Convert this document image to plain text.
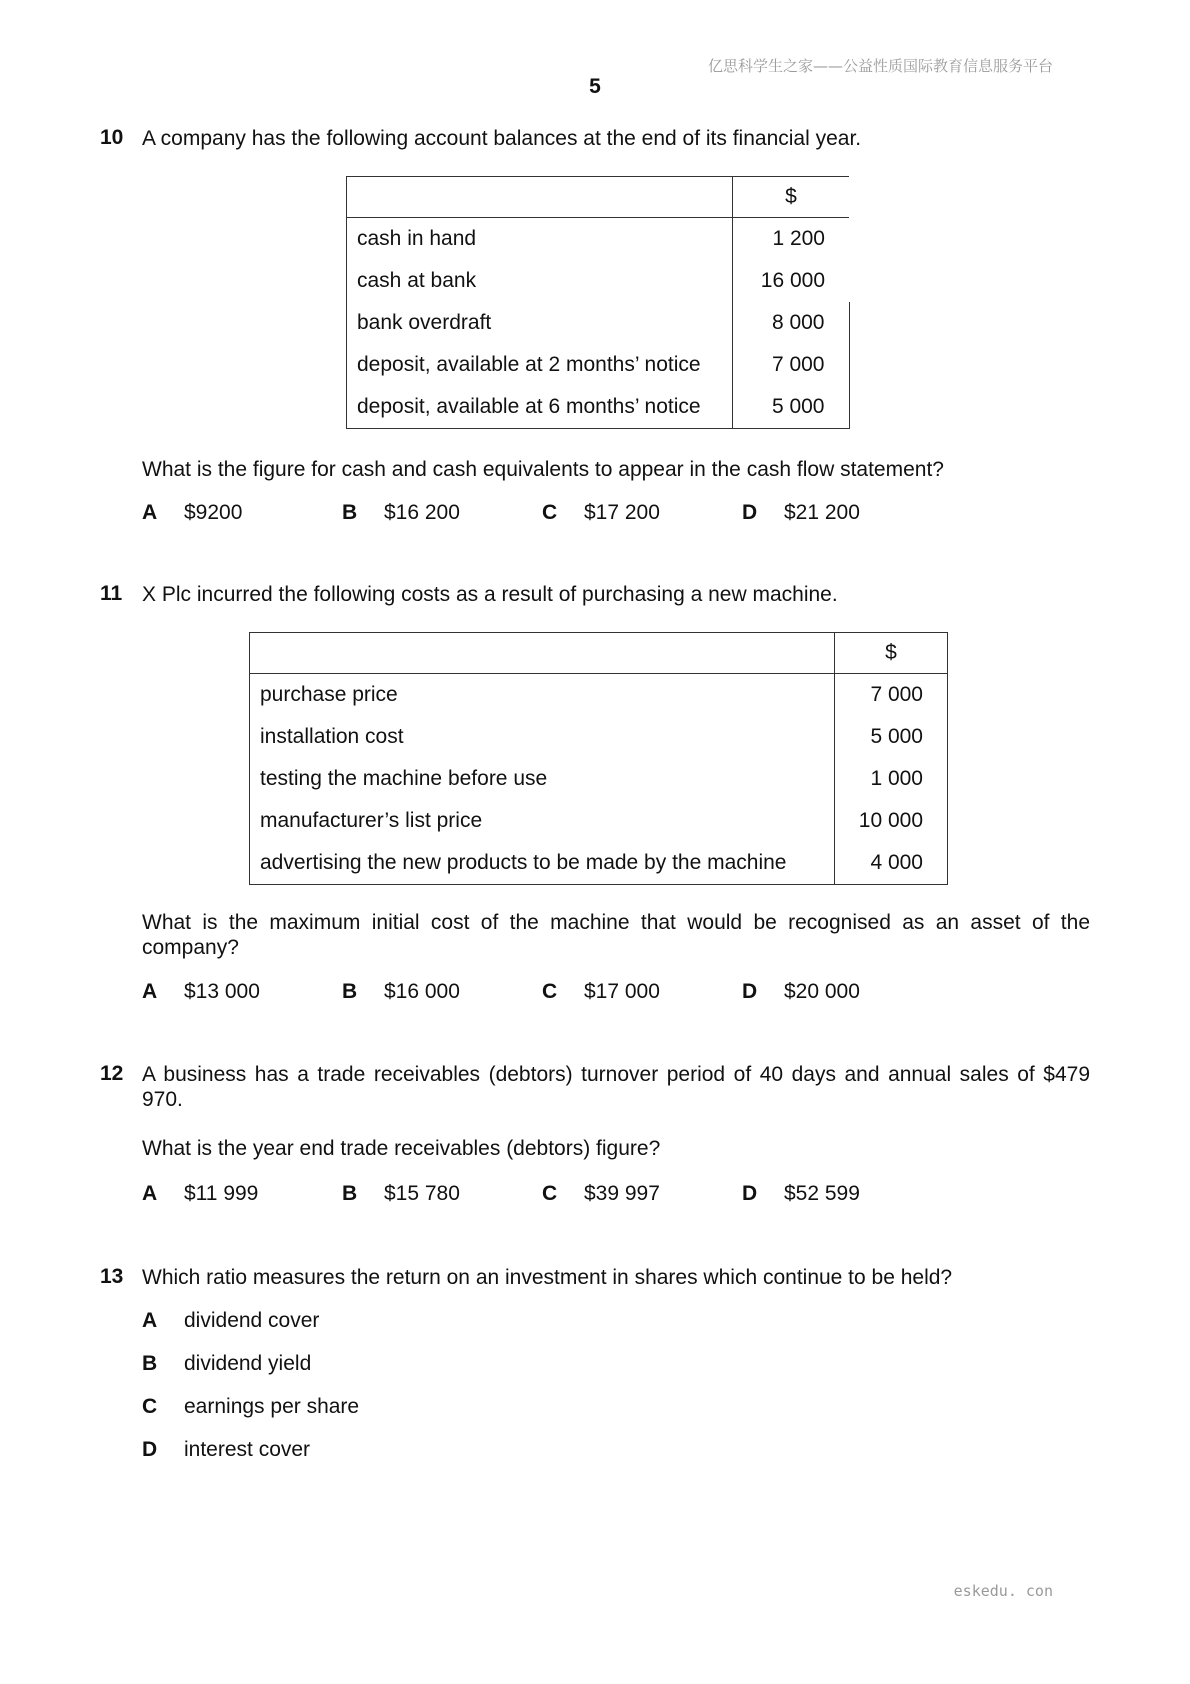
亿思科学生之家——公益性质国际教育信息服务平台
5
10 A company has the following account balances at the end of its financial year.
	$
cash in hand	1 200
cash at bank	16 000
bank overdraft	8 000
deposit, available at 2 months’ notice	7 000
deposit, available at 6 months’ notice	5 000
What is the figure for cash and cash equivalents to appear in the cash flow statement?
A $9200	B $16 200	C $17 200	D $21 200
11 X Plc incurred the following costs as a result of purchasing a new machine.
	$
purchase price	7 000
installation cost	5 000
testing the machine before use	1 000
manufacturer’s list price	10 000
advertising the new products to be made by the machine	4 000
What is the maximum initial cost of the machine that would be recognised as an asset of the company?
A $13 000	B $16 000	C $17 000	D $20 000
12 A business has a trade receivables (debtors) turnover period of 40 days and annual sales of $479 970.
What is the year end trade receivables (debtors) figure?
A $11 999	B $15 780	C $39 997	D $52 599
13 Which ratio measures the return on an investment in shares which continue to be held?
A dividend cover
B dividend yield
C earnings per share
D interest cover
eskedu. con
